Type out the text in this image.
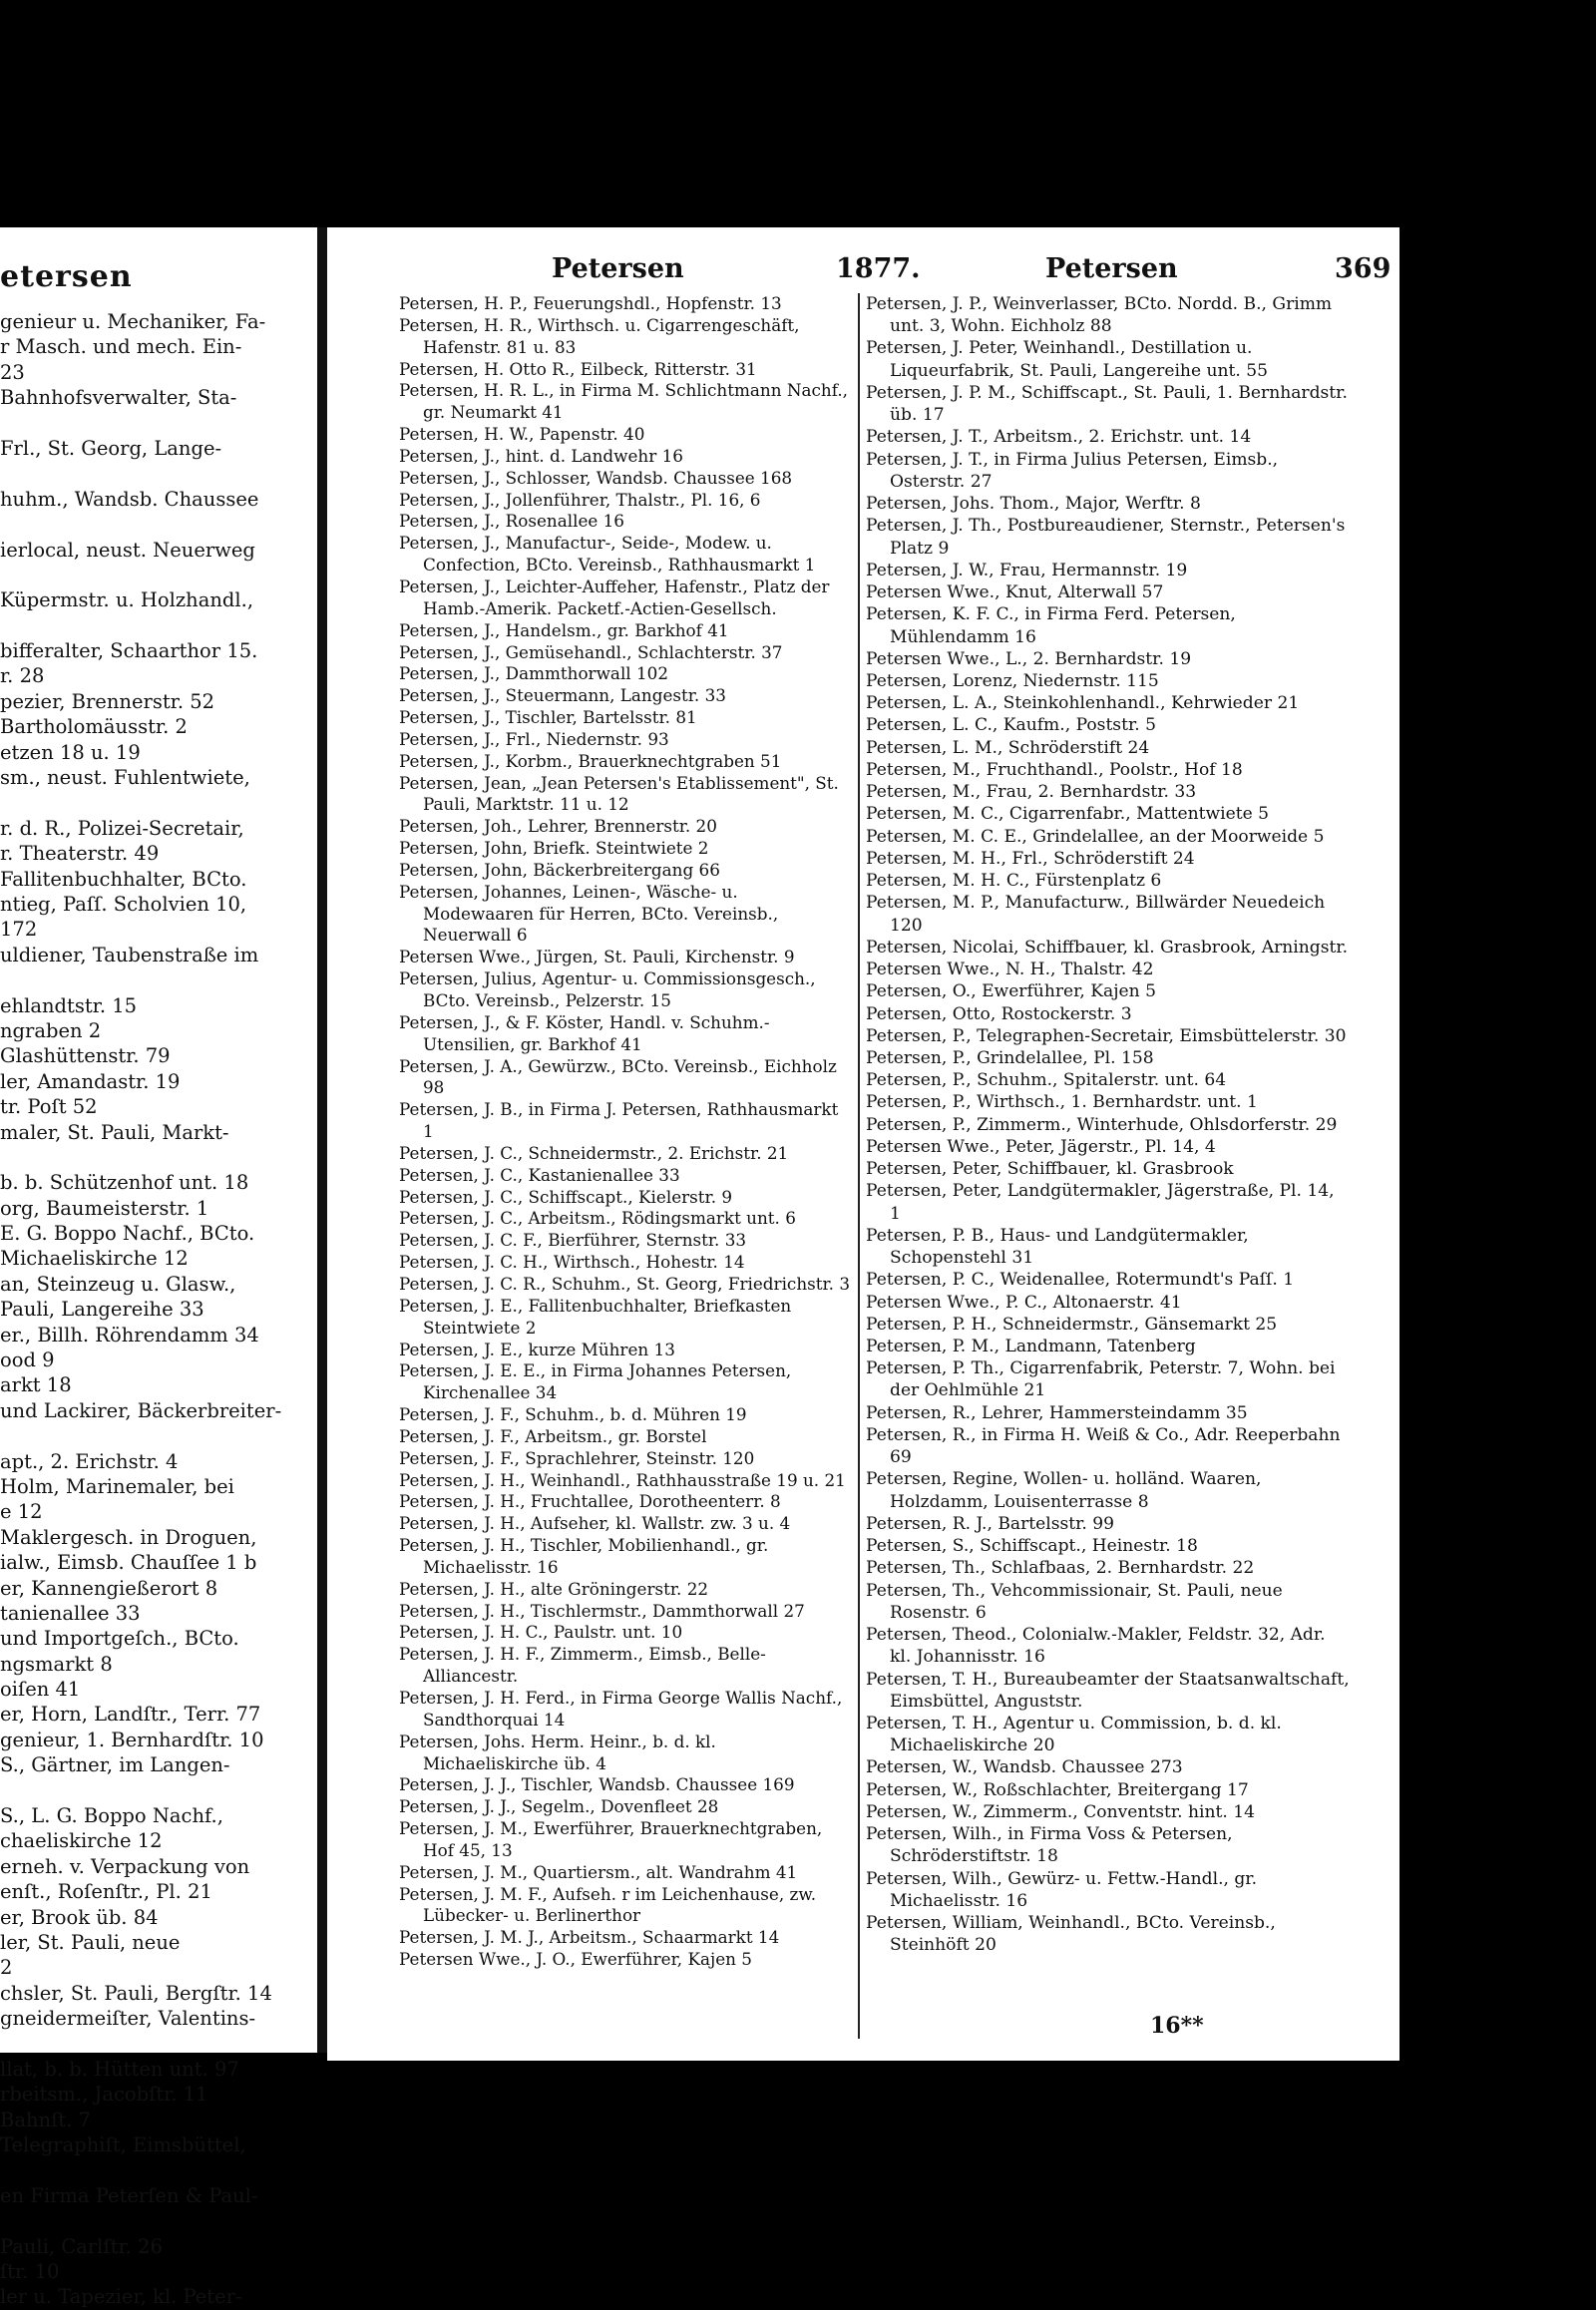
etersen
genieur u. Mechaniker, Fa-
r Masch. und mech. Ein-
23
Bahnhofsverwalter, Sta-
Frl., St. Georg, Lange-
huhm., Wandsb. Chaussee
ierlocal, neust. Neuerweg
Küpermstr. u. Holzhandl.,
bifferalter, Schaarthor 15.
r. 28
pezier, Brennerstr. 52
Bartholomäusstr. 2
etzen 18 u. 19
sm., neust. Fuhlentwiete,
r. d. R., Polizei-Secretair,
r. Theaterstr. 49
Fallitenbuchhalter, BCto.
ntieg, Paſſ. Scholvien 10,
172
uldiener, Taubenstraße im
ehlandtstr. 15
ngraben 2
Glashüttenstr. 79
ler, Amandastr. 19
tr. Poſt 52
maler, St. Pauli, Markt-
b. b. Schützenhof unt. 18
org, Baumeisterstr. 1
E. G. Boppo Nachf., BCto.
Michaeliskirche 12
an, Steinzeug u. Glasw.,
Pauli, Langereihe 33
er., Billh. Röhrendamm 34
ood 9
arkt 18
und Lackirer, Bäckerbreiter-
apt., 2. Erichstr. 4
Holm, Marinemaler, bei
e 12
Maklergesch. in Droguen,
ialw., Eimsb. Chauſſee 1 b
er, Kannengießerort 8
tanienallee 33
und Importgeſch., BCto.
ngsmarkt 8
oiſen 41
er, Horn, Landſtr., Terr. 77
genieur, 1. Bernhardſtr. 10
S., Gärtner, im Langen-
S., L. G. Boppo Nachf.,
chaeliskirche 12
erneh. v. Verpackung von
enſt., Roſenſtr., Pl. 21
er, Brook üb. 84
ler, St. Pauli, neue
2
chsler, St. Pauli, Bergſtr. 14
gneidermeiſter, Valentins-
llat, b. b. Hütten unt. 97
rbeitsm., Jacobſtr. 11
Bahnſt. 7
Telegraphiſt, Eimsbüttel,
en Firma Peterſen & Paul-
Pauli, Carlſtr. 26
ſtr. 10
ler u. Tapezier, kl. Peter-
Petersen	1877.	Petersen	369
Petersen, H. P., Feuerungshdl., Hopfenstr. 13
Petersen, H. R., Wirthsch. u. Cigarrengeschäft, Hafenstr. 81 u. 83
Petersen, H. Otto R., Eilbeck, Ritterstr. 31
Petersen, H. R. L., in Firma M. Schlichtmann Nachf., gr. Neumarkt 41
Petersen, H. W., Papenstr. 40
Petersen, J., hint. d. Landwehr 16
Petersen, J., Schlosser, Wandsb. Chaussee 168
Petersen, J., Jollenführer, Thalstr., Pl. 16, 6
Petersen, J., Rosenallee 16
Petersen, J., Manufactur-, Seide-, Modew. u. Confection, BCto. Vereinsb., Rathhausmarkt 1
Petersen, J., Leichter-Auffeher, Hafenstr., Platz der Hamb.-Amerik. Packetf.-Actien-Gesellsch.
Petersen, J., Handelsm., gr. Barkhof 41
Petersen, J., Gemüsehandl., Schlachterstr. 37
Petersen, J., Dammthorwall 102
Petersen, J., Steuermann, Langestr. 33
Petersen, J., Tischler, Bartelsstr. 81
Petersen, J., Frl., Niedernstr. 93
Petersen, J., Korbm., Brauerknechtgraben 51
Petersen, Jean, „Jean Petersen's Etablissement", St. Pauli, Marktstr. 11 u. 12
Petersen, Joh., Lehrer, Brennerstr. 20
Petersen, John, Briefk. Steintwiete 2
Petersen, John, Bäckerbreitergang 66
Petersen, Johannes, Leinen-, Wäsche- u. Modewaaren für Herren, BCto. Vereinsb., Neuerwall 6
Petersen Wwe., Jürgen, St. Pauli, Kirchenstr. 9
Petersen, Julius, Agentur- u. Commissionsgesch., BCto. Vereinsb., Pelzerstr. 15
Petersen, J., & F. Köster, Handl. v. Schuhm.-Utensilien, gr. Barkhof 41
Petersen, J. A., Gewürzw., BCto. Vereinsb., Eichholz 98
Petersen, J. B., in Firma J. Petersen, Rathhausmarkt 1
Petersen, J. C., Schneidermstr., 2. Erichstr. 21
Petersen, J. C., Kastanienallee 33
Petersen, J. C., Schiffscapt., Kielerstr. 9
Petersen, J. C., Arbeitsm., Rödingsmarkt unt. 6
Petersen, J. C. F., Bierführer, Sternstr. 33
Petersen, J. C. H., Wirthsch., Hohestr. 14
Petersen, J. C. R., Schuhm., St. Georg, Friedrichstr. 3
Petersen, J. E., Fallitenbuchhalter, Briefkasten Steintwiete 2
Petersen, J. E., kurze Mühren 13
Petersen, J. E. E., in Firma Johannes Petersen, Kirchenallee 34
Petersen, J. F., Schuhm., b. d. Mühren 19
Petersen, J. F., Arbeitsm., gr. Borstel
Petersen, J. F., Sprachlehrer, Steinstr. 120
Petersen, J. H., Weinhandl., Rathhausstraße 19 u. 21
Petersen, J. H., Fruchtallee, Dorotheenterr. 8
Petersen, J. H., Aufseher, kl. Wallstr. zw. 3 u. 4
Petersen, J. H., Tischler, Mobilienhandl., gr. Michaelisstr. 16
Petersen, J. H., alte Gröningerstr. 22
Petersen, J. H., Tischlermstr., Dammthorwall 27
Petersen, J. H. C., Paulstr. unt. 10
Petersen, J. H. F., Zimmerm., Eimsb., Belle-Alliancestr.
Petersen, J. H. Ferd., in Firma George Wallis Nachf., Sandthorquai 14
Petersen, Johs. Herm. Heinr., b. d. kl. Michaeliskirche üb. 4
Petersen, J. J., Tischler, Wandsb. Chaussee 169
Petersen, J. J., Segelm., Dovenfleet 28
Petersen, J. M., Ewerführer, Brauerknechtgraben, Hof 45, 13
Petersen, J. M., Quartiersm., alt. Wandrahm 41
Petersen, J. M. F., Aufseh. r im Leichenhause, zw. Lübecker- u. Berlinerthor
Petersen, J. M. J., Arbeitsm., Schaarmarkt 14
Petersen Wwe., J. O., Ewerführer, Kajen 5
Petersen, J. P., Weinverlasser, BCto. Nordd. B., Grimm unt. 3, Wohn. Eichholz 88
Petersen, J. Peter, Weinhandl., Destillation u. Liqueurfabrik, St. Pauli, Langereihe unt. 55
Petersen, J. P. M., Schiffscapt., St. Pauli, 1. Bernhardstr. üb. 17
Petersen, J. T., Arbeitsm., 2. Erichstr. unt. 14
Petersen, J. T., in Firma Julius Petersen, Eimsb., Osterstr. 27
Petersen, Johs. Thom., Major, Werftr. 8
Petersen, J. Th., Postbureaudiener, Sternstr., Petersen's Platz 9
Petersen, J. W., Frau, Hermannstr. 19
Petersen Wwe., Knut, Alterwall 57
Petersen, K. F. C., in Firma Ferd. Petersen, Mühlendamm 16
Petersen Wwe., L., 2. Bernhardstr. 19
Petersen, Lorenz, Niedernstr. 115
Petersen, L. A., Steinkohlenhandl., Kehrwieder 21
Petersen, L. C., Kaufm., Poststr. 5
Petersen, L. M., Schröderstift 24
Petersen, M., Fruchthandl., Poolstr., Hof 18
Petersen, M., Frau, 2. Bernhardstr. 33
Petersen, M. C., Cigarrenfabr., Mattentwiete 5
Petersen, M. C. E., Grindelallee, an der Moorweide 5
Petersen, M. H., Frl., Schröderstift 24
Petersen, M. H. C., Fürstenplatz 6
Petersen, M. P., Manufacturw., Billwärder Neuedeich 120
Petersen, Nicolai, Schiffbauer, kl. Grasbrook, Arningstr.
Petersen Wwe., N. H., Thalstr. 42
Petersen, O., Ewerführer, Kajen 5
Petersen, Otto, Rostockerstr. 3
Petersen, P., Telegraphen-Secretair, Eimsbüttelerstr. 30
Petersen, P., Grindelallee, Pl. 158
Petersen, P., Schuhm., Spitalerstr. unt. 64
Petersen, P., Wirthsch., 1. Bernhardstr. unt. 1
Petersen, P., Zimmerm., Winterhude, Ohlsdorferstr. 29
Petersen Wwe., Peter, Jägerstr., Pl. 14, 4
Petersen, Peter, Schiffbauer, kl. Grasbrook
Petersen, Peter, Landgütermakler, Jägerstraße, Pl. 14, 1
Petersen, P. B., Haus- und Landgütermakler, Schopenstehl 31
Petersen, P. C., Weidenallee, Rotermundt's Paſſ. 1
Petersen Wwe., P. C., Altonaerstr. 41
Petersen, P. H., Schneidermstr., Gänsemarkt 25
Petersen, P. M., Landmann, Tatenberg
Petersen, P. Th., Cigarrenfabrik, Peterstr. 7, Wohn. bei der Oehlmühle 21
Petersen, R., Lehrer, Hammersteindamm 35
Petersen, R., in Firma H. Weiß & Co., Adr. Reeperbahn 69
Petersen, Regine, Wollen- u. holländ. Waaren, Holzdamm, Louisenterrasse 8
Petersen, R. J., Bartelsstr. 99
Petersen, S., Schiffscapt., Heinestr. 18
Petersen, Th., Schlafbaas, 2. Bernhardstr. 22
Petersen, Th., Vehcommissionair, St. Pauli, neue Rosenstr. 6
Petersen, Theod., Colonialw.-Makler, Feldstr. 32, Adr. kl. Johannisstr. 16
Petersen, T. H., Bureaubeamter der Staatsanwaltschaft, Eimsbüttel, Anguststr.
Petersen, T. H., Agentur u. Commission, b. d. kl. Michaeliskirche 20
Petersen, W., Wandsb. Chaussee 273
Petersen, W., Roßschlachter, Breitergang 17
Petersen, W., Zimmerm., Conventstr. hint. 14
Petersen, Wilh., in Firma Voss & Petersen, Schröderstiftstr. 18
Petersen, Wilh., Gewürz- u. Fettw.-Handl., gr. Michaelisstr. 16
Petersen, William, Weinhandl., BCto. Vereinsb., Steinhöft 20
16**
